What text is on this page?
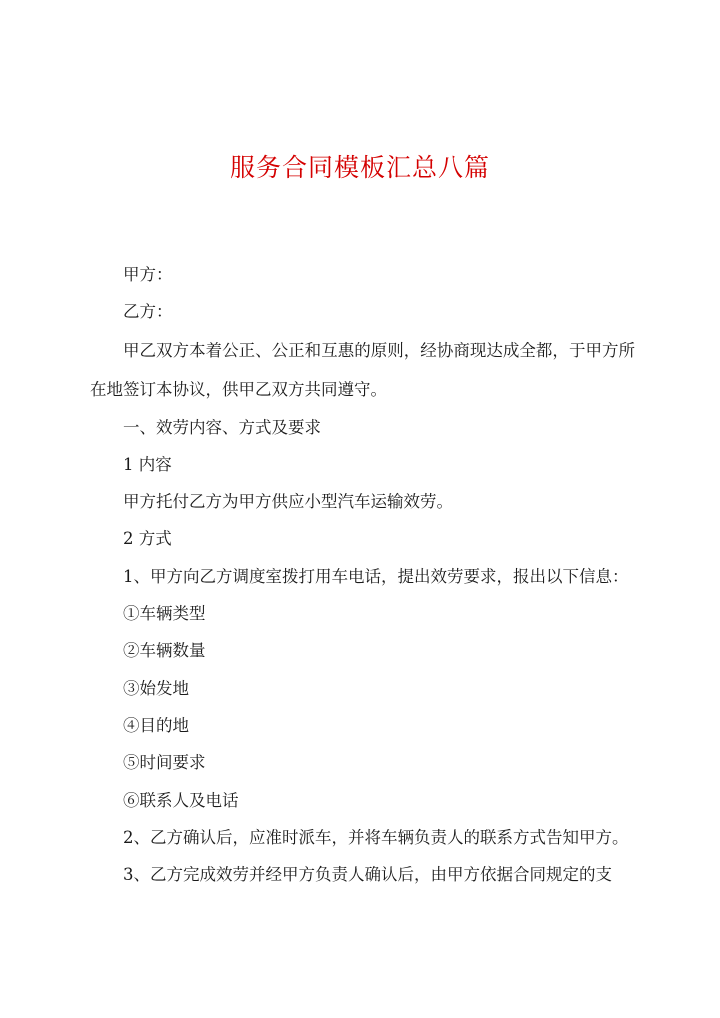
服务合同模板汇总八篇

甲方：

乙方：

甲乙双方本着公正、公正和互惠的原则，经协商现达成全都，于甲方所在地签订本协议，供甲乙双方共同遵守。

一、效劳内容、方式及要求

1 内容

甲方托付乙方为甲方供应小型汽车运输效劳。

2 方式

1、甲方向乙方调度室拨打用车电话，提出效劳要求，报出以下信息：

①车辆类型

②车辆数量

③始发地

④目的地

⑤时间要求

⑥联系人及电话

2、乙方确认后，应准时派车，并将车辆负责人的联系方式告知甲方。

3、乙方完成效劳并经甲方负责人确认后，由甲方依据合同规定的支
